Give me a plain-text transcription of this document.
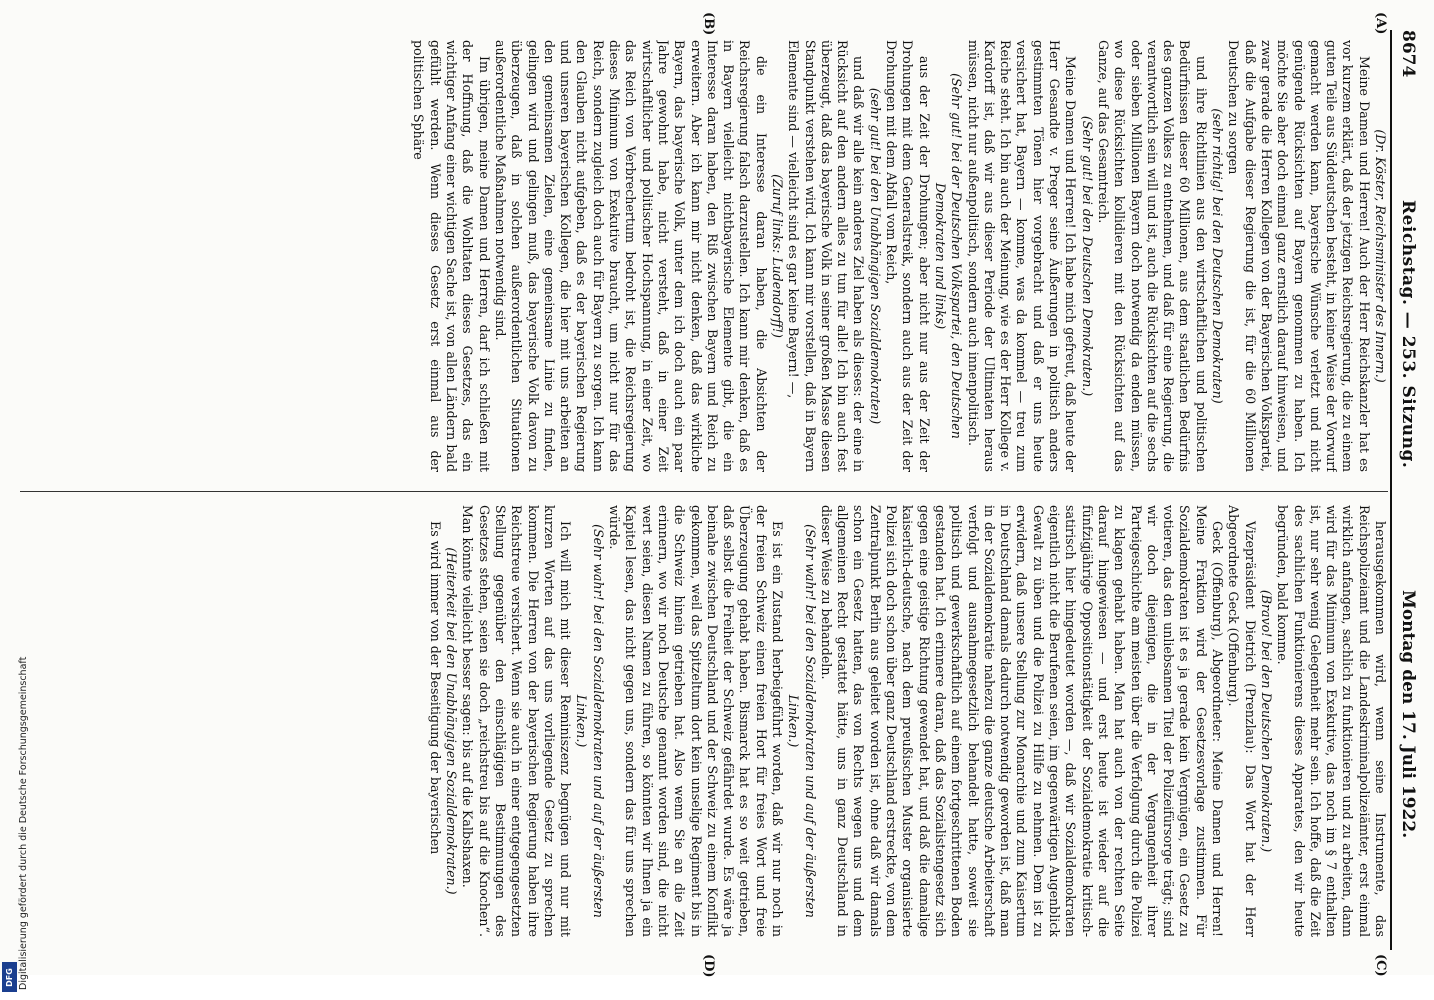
8674
Reichstag. — 253. Sitzung.
Montag den 17. Juli 1922.
(A)
(B)
(C)
(D)

(Dr. Köster, Reichsminister des Innern.)

Meine Damen und Herren! Auch der Herr Reichskanzler hat es vor kurzem erklärt, daß der jetzigen Reichsregierung, die zu einem guten Teile aus Süddeutschen besteht, in keiner Weise der Vorwurf gemacht werden kann, bayerische Wünsche verletzt und nicht genügende Rücksichten auf Bayern genommen zu haben. Ich möchte Sie aber doch einmal ganz ernstlich darauf hinweisen, und zwar gerade die Herren Kollegen von der Bayerischen Volkspartei, daß die Aufgabe dieser Regierung die ist, für die 60 Millionen Deutschen zu sorgen

(sehr richtig! bei den Deutschen Demokraten)

und ihre Richtlinien aus den wirtschaftlichen und politischen Bedürfnissen dieser 60 Millionen, aus dem staatlichen Bedürfnis des ganzen Volkes zu entnehmen, und daß für eine Regierung, die verantwortlich sein will und ist, auch die Rücksichten auf die sechs oder sieben Millionen Bayern doch notwendig da enden müssen, wo diese Rücksichten kollidieren mit den Rücksichten auf das Ganze, auf das Gesamtreich.

(Sehr gut! bei den Deutschen Demokraten.)

Meine Damen und Herren! Ich habe mich gefreut, daß heute der Herr Gesandte v. Preger seine Äußerungen in politisch anders gestimmten Tönen hier vorgebracht und daß er uns heute versichert hat, Bayern — komme, was da kommel — treu zum Reiche steht. Ich bin auch der Meinung, wie es der Herr Kollege v. Kardorff ist, daß wir aus dieser Periode der Ultimaten heraus müssen, nicht nur außenpolitisch, sondern auch innenpolitisch.

(Sehr gut! bei der Deutschen Volkspartei, den Deutschen Demokraten und links)

aus der Zeit der Drohungen; aber nicht nur aus der Zeit der Drohungen mit dem Generalstreik, sondern auch aus der Zeit der Drohungen mit dem Abfall vom Reich,

(sehr gut! bei den Unabhängigen Sozialdemokraten)

und daß wir alle kein anderes Ziel haben als dieses: der eine in Rücksicht auf den andern alles zu tun für alle! Ich bin auch fest überzeugt, daß das bayerische Volk in seiner großen Masse diesen Standpunkt verstehen wird. Ich kann mir vorstellen, daß in Bayern Elemente sind — vielleicht sind es gar keine Bayern! —,

(Zuruf links: Ludendorff!)

die ein Interesse daran haben, die Absichten der Reichsregierung falsch darzustellen. Ich kann mir denken, daß es in Bayern vielleicht nichtbayerische Elemente gibt, die ein Interesse daran haben, den Riß zwischen Bayern und Reich zu erweitern. Aber ich kann mir nicht denken, daß das wirkliche Bayern, das bayerische Volk, unter dem ich doch auch ein paar Jahre gewohnt habe, nicht versteht, daß in einer Zeit wirtschaftlicher und politischer Hochspannung, in einer Zeit, wo das Reich von Verbrechertum bedroht ist, die Reichsregierung dieses Minimum von Exekutive braucht, um nicht nur für das Reich, sondern zugleich doch auch für Bayern zu sorgen. Ich kann den Glauben nicht aufgeben, daß es der bayerischen Regierung und unseren bayerischen Kollegen, die hier mit uns arbeiten an den gemeinsamen Zielen, eine gemeinsame Linie zu finden, gelingen wird und gelingen muß, das bayerische Volk davon zu überzeugen, daß in solchen außerordentlichen Situationen außerordentliche Maßnahmen notwendig sind.

Im übrigen, meine Damen und Herren, darf ich schließen mit der Hoffnung, daß die Wohltaten dieses Gesetzes, das ein wichtiger Anfang einer wichtigen Sache ist, von allen Ländern bald gefühlt werden. Wenn dieses Gesetz erst einmal aus der politischen Sphäre

herausgekommen wird, wenn seine Instrumente, das Reichspolizeiamt und die Landeskriminalpolizeiämter, erst einmal wirklich anfangen, sachlich zu funktionieren und zu arbeiten, dann wird für das Minimum von Exekutive, das noch im § 7 enthalten ist, nur sehr wenig Gelegenheit mehr sein. Ich hoffe, daß die Zeit des sachlichen Funktionierens dieses Apparates, den wir heute begründen, bald komme.

(Bravo! bei den Deutschen Demokraten.)

Vizepräsident Dietrich (Prenzlau): Das Wort hat der Herr Abgeordnete Geck (Offenburg).

Geck (Offenburg), Abgeordneter: Meine Damen und Herren! Meine Fraktion wird der Gesetzesvorlage zustimmen. Für Sozialdemokraten ist es ja gerade kein Vergnügen, ein Gesetz zu votieren, das den unliebsamen Titel der Polizeifürsorge trägt; sind wir doch diejenigen, die in der Vergangenheit ihrer Parteigeschichte am meisten über die Verfolgung durch die Polizei zu klagen gehabt haben. Man hat auch von der rechten Seite darauf hingewiesen — und erst heute ist wieder auf die fünfzigjährige Oppositionstätigkeit der Sozialdemokratie kritisch-satirisch hier hingedeutet worden —, daß wir Sozialdemokraten eigentlich nicht die Berufenen seien, im gegenwärtigen Augenblick Gewalt zu üben und die Polizei zu Hilfe zu nehmen. Dem ist zu erwidern, daß unsere Stellung zur Monarchie und zum Kaisertum in Deutschland damals dadurch notwendig geworden ist, daß man in der Sozialdemokratie nahezu die ganze deutsche Arbeiterschaft verfolgt und ausnahmegesetzlich behandelt hatte, soweit sie politisch und gewerkschaftlich auf einem fortgeschrittenen Boden gestanden hat. Ich erinnere daran, daß das Sozialistengesetz sich gegen eine geistige Richtung gewendet hat, und daß die damalige kaiserlich-deutsche, nach dem preußischen Muster organisierte Polizei sich doch schon über ganz Deutschland erstreckte, von dem Zentralpunkt Berlin aus geleitet worden ist, ohne daß wir damals schon ein Gesetz hatten, das von Rechts wegen uns und dem allgemeinen Recht gestattet hätte, uns in ganz Deutschland in dieser Weise zu behandeln.

(Sehr wahr! bei den Sozialdemokraten und auf der äußersten Linken.)

Es ist ein Zustand herbeigeführt worden, daß wir nur noch in der freien Schweiz einen freien Hort für freies Wort und freie Überzeugung gehabt haben. Bismarck hat es so weit getrieben, daß selbst die Freiheit der Schweiz gefährdet wurde. Es wäre ja beinahe zwischen Deutschland und der Schweiz zu einem Konflikt gekommen, weil das Spitzeltum dort kein unselige Regiment bis in die Schweiz hinein getrieben hat. Also wenn Sie an die Zeit erinnern, wo wir noch Deutsche genannt worden sind, die nicht wert seien, diesen Namen zu führen, so könnten wir Ihnen ja ein Kapitel lesen, das nicht gegen uns, sondern das für uns sprechen würde.

(Sehr wahr! bei den Sozialdemokraten und auf der äußersten Linken.)

Ich will mich mit dieser Reminiszenz begnügen und nur mit kurzen Worten auf das uns vorliegende Gesetz zu sprechen kommen. Die Herren von der bayerischen Regierung haben ihre Reichstreue versichert. Wenn sie auch in einer entgegengesetzten Stellung gegenüber den einschlägigen Bestimmungen des Gesetzes stehen, seien sie doch „reichstreu bis auf die Knochen“. Man könnte vielleicht besser sagen: bis auf die Kalbshaxen.

(Heiterkeit bei den Unabhängigen Sozialdemokraten.)

Es wird immer von der Beseitigung der bayerischen

Digitalisierung gefördert durch die Deutsche Forschungsgemeinschaft
DFG
